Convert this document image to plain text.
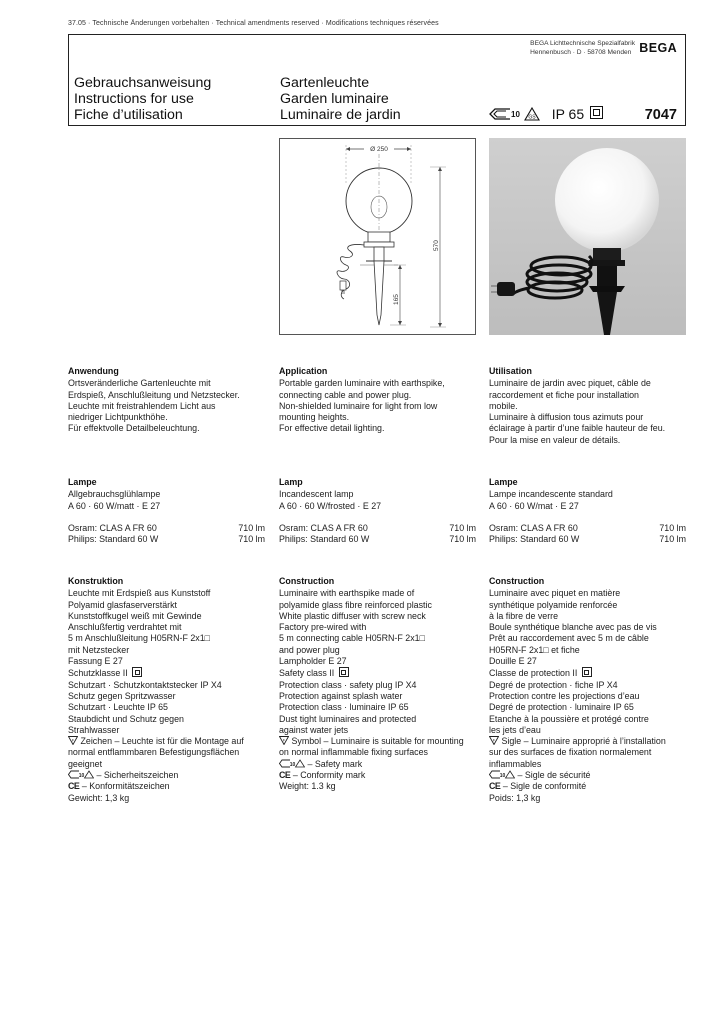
37.05 · Technische Änderungen vorbehalten · Technical amendments reserved · Modifications techniques réservées
Gebrauchsanweisung
Instructions for use
Fiche d’utilisation
Gartenleuchte
Garden luminaire
Luminaire de jardin
BEGA Lichttechnische Spezialfabrik
Hennenbusch · D · 58708 Menden BEGA
10 GS IP 65	7047
Ø 250
570
165
Anwendung
Ortsveränderliche Gartenleuchte mit
Erdspieß, Anschlußleitung und Netzstecker.
Leuchte mit freistrahlendem Licht aus
niedriger Lichtpunkthöhe.
Für effektvolle Detailbeleuchtung.
Application
Portable garden luminaire with earthspike,
connecting cable and power plug.
Non-shielded luminaire for light from low
mounting heights.
For effective detail lighting.
Utilisation
Luminaire de jardin avec piquet, câble de
raccordement et fiche pour installation
mobile.
Luminaire à diffusion tous azimuts pour
éclairage à partir d’une faible hauteur de feu.
Pour la mise en valeur de détails.
Lampe
Allgebrauchsglühlampe
A 60 · 60 W/matt · E 27
Osram: CLAS A FR 60	710 lm
Philips: Standard 60 W	710 lm
Lamp
Incandescent lamp
A 60 · 60 W/frosted · E 27
Osram: CLAS A FR 60	710 lm
Philips: Standard 60 W	710 lm
Lampe
Lampe incandescente standard
A 60 · 60 W/mat · E 27
Osram: CLAS A FR 60	710 lm
Philips: Standard 60 W	710 lm
Konstruktion
Leuchte mit Erdspieß aus Kunststoff
Polyamid glasfaserverstärkt
Kunststoffkugel weiß mit Gewinde
Anschlußfertig verdrahtet mit
5 m Anschlußleitung H05RN-F 2x1□
mit Netzstecker
Fassung E 27
Schutzklasse II
Schutzart · Schutzkontaktstecker IP X4
Schutz gegen Spritzwasser
Schutzart · Leuchte IP 65
Staubdicht und Schutz gegen
Strahlwasser
F Zeichen – Leuchte ist für die Montage auf
normal entflammbaren Befestigungsflächen
geeignet
10 – Sicherheitszeichen
CE – Konformitätszeichen
Gewicht: 1,3 kg
Construction
Luminaire with earthspike made of
polyamide glass fibre reinforced plastic
White plastic diffuser with screw neck
Factory pre-wired with
5 m connecting cable H05RN-F 2x1□
and power plug
Lampholder E 27
Safety class II
Protection class · safety plug IP X4
Protection against splash water
Protection class · luminaire IP 65
Dust tight luminaires and protected
against water jets
F Symbol – Luminaire is suitable for mounting
on normal inflammable fixing surfaces
10 – Safety mark
CE – Conformity mark
Weight: 1.3 kg
Construction
Luminaire avec piquet en matière
synthétique polyamide renforcée
à la fibre de verre
Boule synthétique blanche avec pas de vis
Prêt au raccordement avec 5 m de câble
H05RN-F 2x1□ et fiche
Douille E 27
Classe de protection II
Degré de protection · fiche IP X4
Protection contre les projections d’eau
Degré de protection · luminaire IP 65
Etanche à la poussière et protégé contre
les jets d’eau
F Sigle – Luminaire approprié à l’installation
sur des surfaces de fixation normalement
inflammables
10 – Sigle de sécurité
CE – Sigle de conformité
Poids: 1,3 kg
